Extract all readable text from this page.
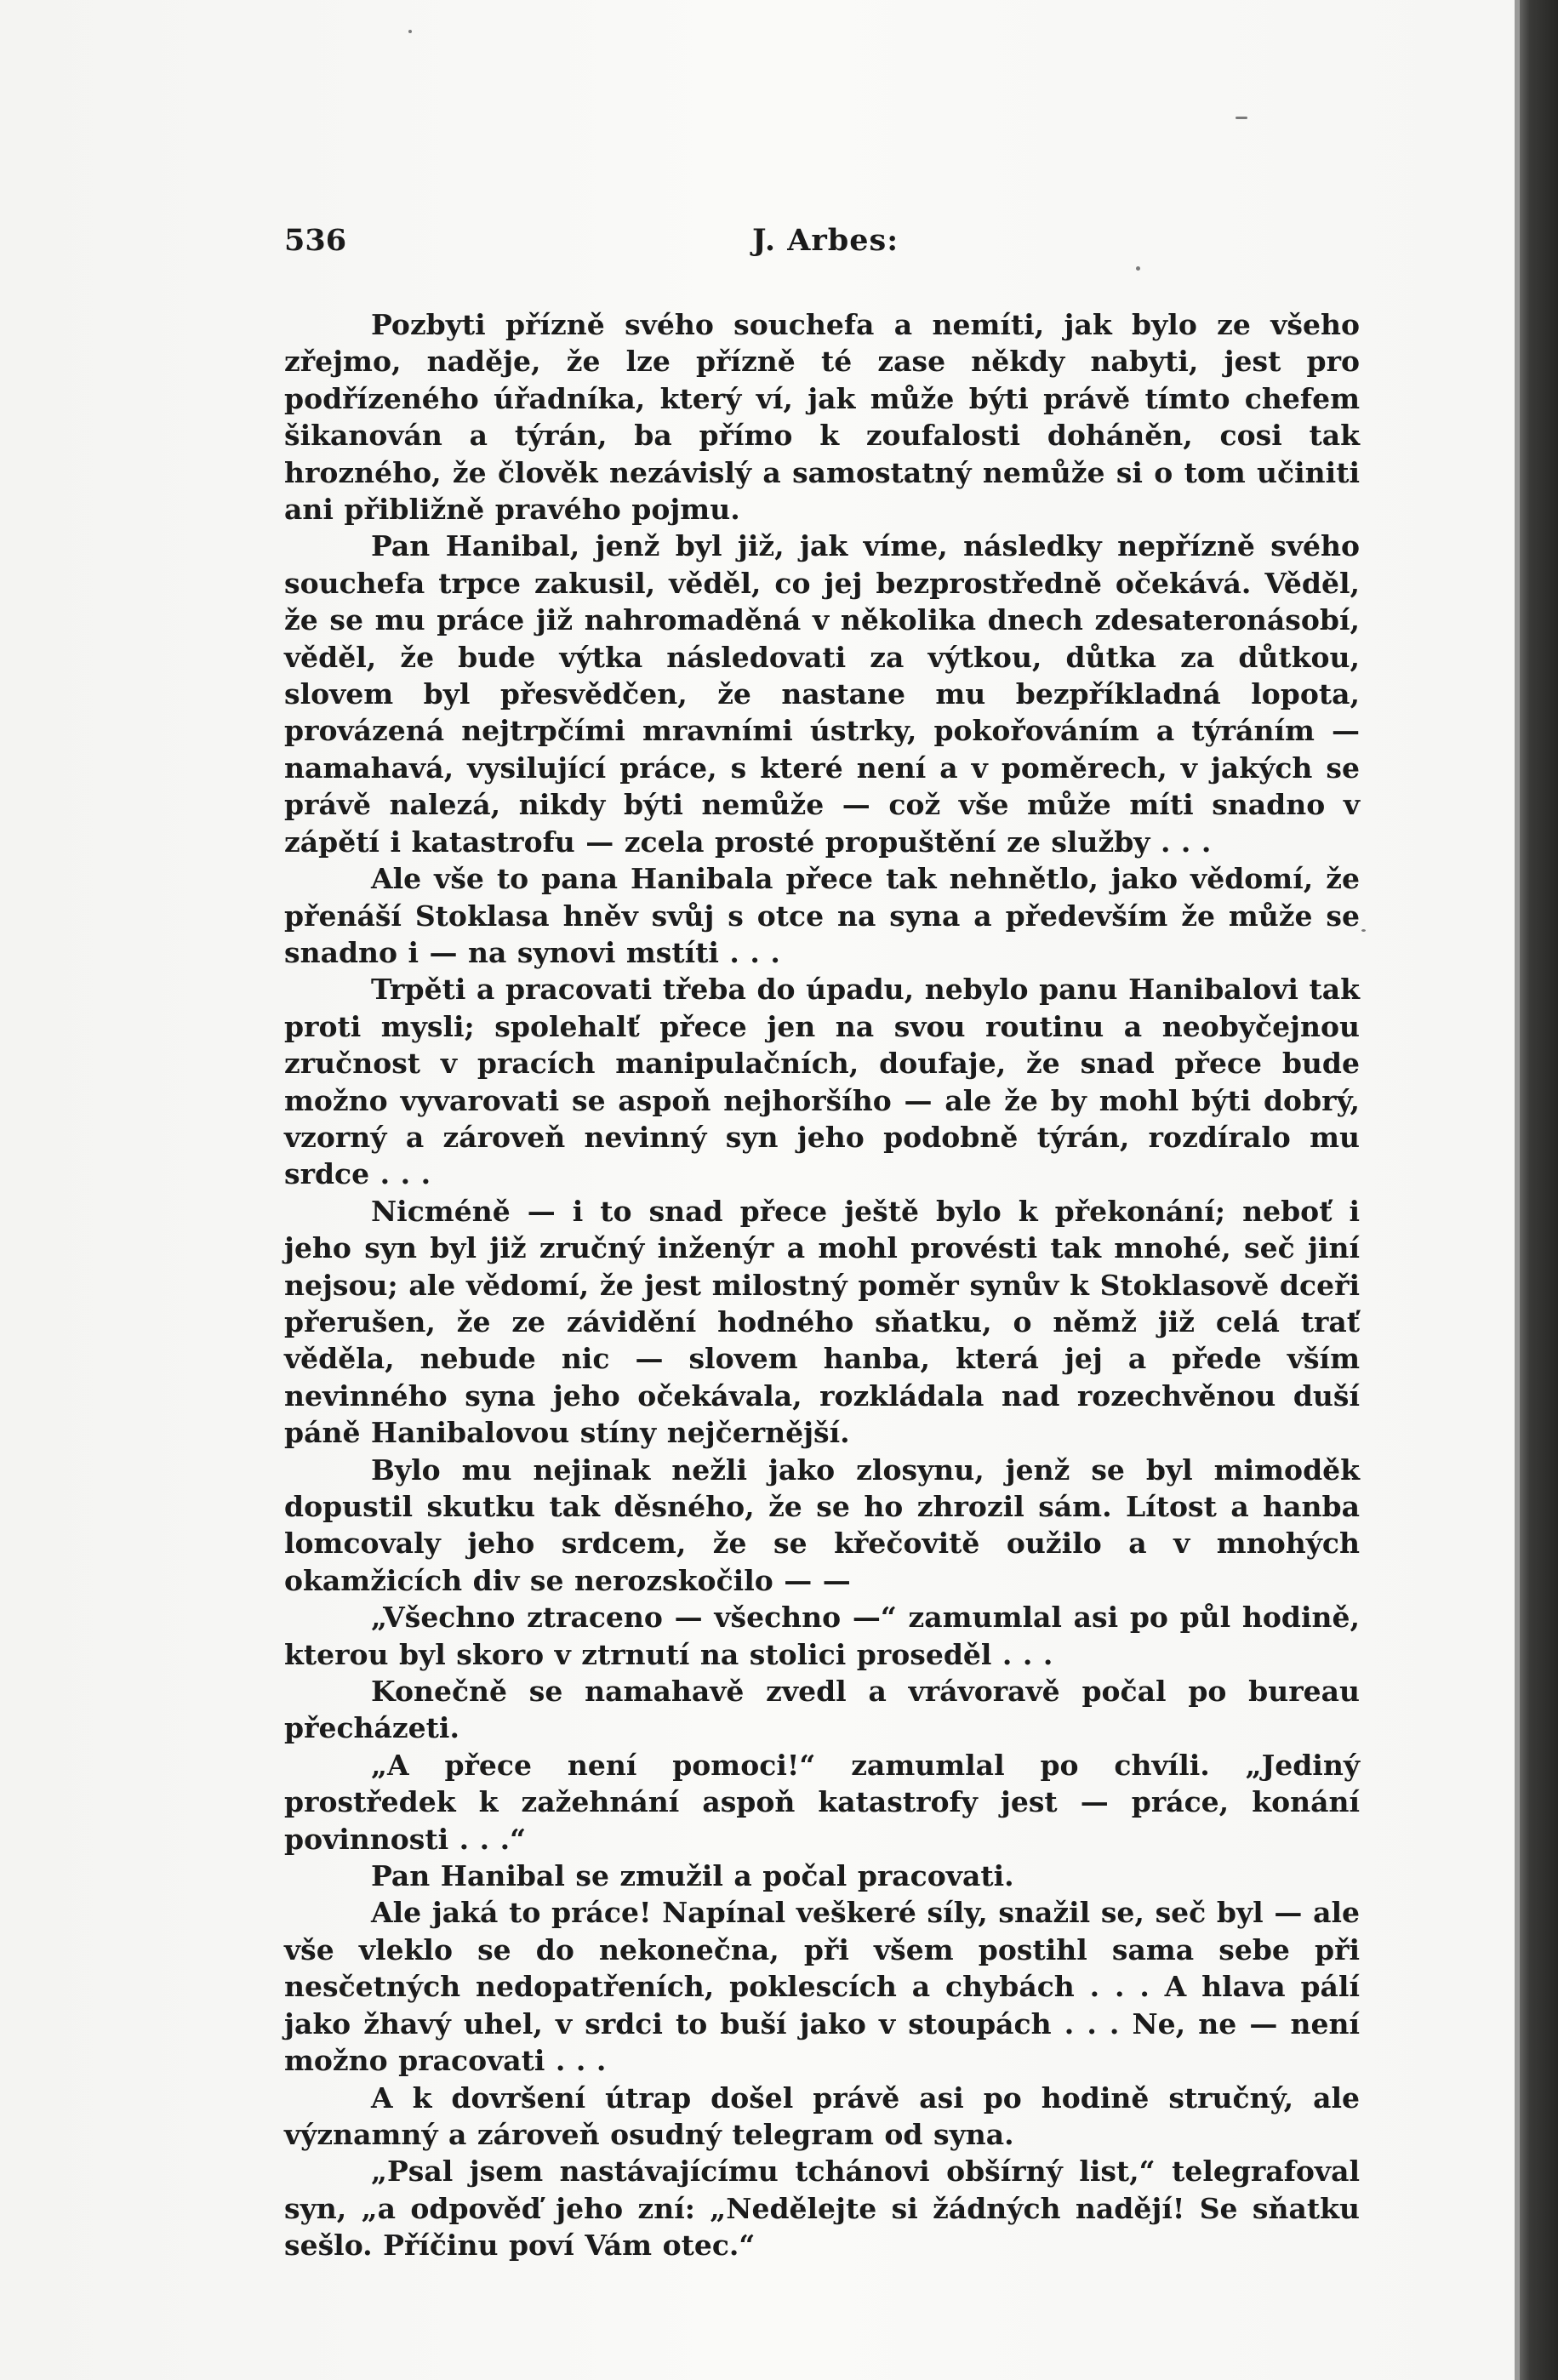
536	J. Arbes:

Pozbyti přízně svého souchefa a nemíti, jak bylo ze všeho zřejmo, naděje, že lze přízně té zase někdy nabyti, jest pro podřízeného úřadníka, který ví, jak může býti právě tímto chefem šikanován a týrán, ba přímo k zoufalosti doháněn, cosi tak hrozného, že člověk nezávislý a samostatný nemůže si o tom učiniti ani přibližně pravého pojmu.

Pan Hanibal, jenž byl již, jak víme, následky nepřízně svého souchefa trpce zakusil, věděl, co jej bezprostředně očekává. Věděl, že se mu práce již nahromaděná v několika dnech zdesateronásobí, věděl, že bude výtka následovati za výtkou, důtka za důtkou, slovem byl přesvědčen, že nastane mu bezpříkladná lopota, provázená nejtrpčími mravními ústrky, pokořováním a týráním — namahavá, vysilující práce, s které není a v poměrech, v jakých se právě nalezá, nikdy býti nemůže — což vše může míti snadno v zápětí i katastrofu — zcela prosté propuštění ze služby . . .

Ale vše to pana Hanibala přece tak nehnětlo, jako vědomí, že přenáší Stoklasa hněv svůj s otce na syna a především že může se snadno i — na synovi mstíti . . .

Trpěti a pracovati třeba do úpadu, nebylo panu Hanibalovi tak proti mysli; spolehalť přece jen na svou routinu a neobyčejnou zručnost v pracích manipulačních, doufaje, že snad přece bude možno vyvarovati se aspoň nejhoršího — ale že by mohl býti dobrý, vzorný a zároveň nevinný syn jeho podobně týrán, rozdíralo mu srdce . . .

Nicméně — i to snad přece ještě bylo k překonání; neboť i jeho syn byl již zručný inženýr a mohl provésti tak mnohé, seč jiní nejsou; ale vědomí, že jest milostný poměr synův k Stoklasově dceři přerušen, že ze závidění hodného sňatku, o němž již celá trať věděla, nebude nic — slovem hanba, která jej a přede vším nevinného syna jeho očekávala, rozkládala nad rozechvěnou duší páně Hanibalovou stíny nejčernější.

Bylo mu nejinak nežli jako zlosynu, jenž se byl mimoděk dopustil skutku tak děsného, že se ho zhrozil sám. Lítost a hanba lomcovaly jeho srdcem, že se křečovitě oužilo a v mnohých okamžicích div se nerozskočilo — —

„Všechno ztraceno — všechno —“ zamumlal asi po půl hodině, kterou byl skoro v ztrnutí na stolici proseděl . . .

Konečně se namahavě zvedl a vrávoravě počal po bureau přecházeti.

„A přece není pomoci!“ zamumlal po chvíli. „Jediný prostředek k zažehnání aspoň katastrofy jest — práce, konání povinnosti . . .“

Pan Hanibal se zmužil a počal pracovati.

Ale jaká to práce! Napínal veškeré síly, snažil se, seč byl — ale vše vleklo se do nekonečna, při všem postihl sama sebe při nesčetných nedopatřeních, poklescích a chybách . . . A hlava pálí jako žhavý uhel, v srdci to buší jako v stoupách . . . Ne, ne — není možno pracovati . . .

A k dovršení útrap došel právě asi po hodině stručný, ale významný a zároveň osudný telegram od syna.

„Psal jsem nastávajícímu tchánovi obšírný list,“ telegrafoval syn, „a odpověď jeho zní: „Nedělejte si žádných nadějí! Se sňatku sešlo. Příčinu poví Vám otec.“
